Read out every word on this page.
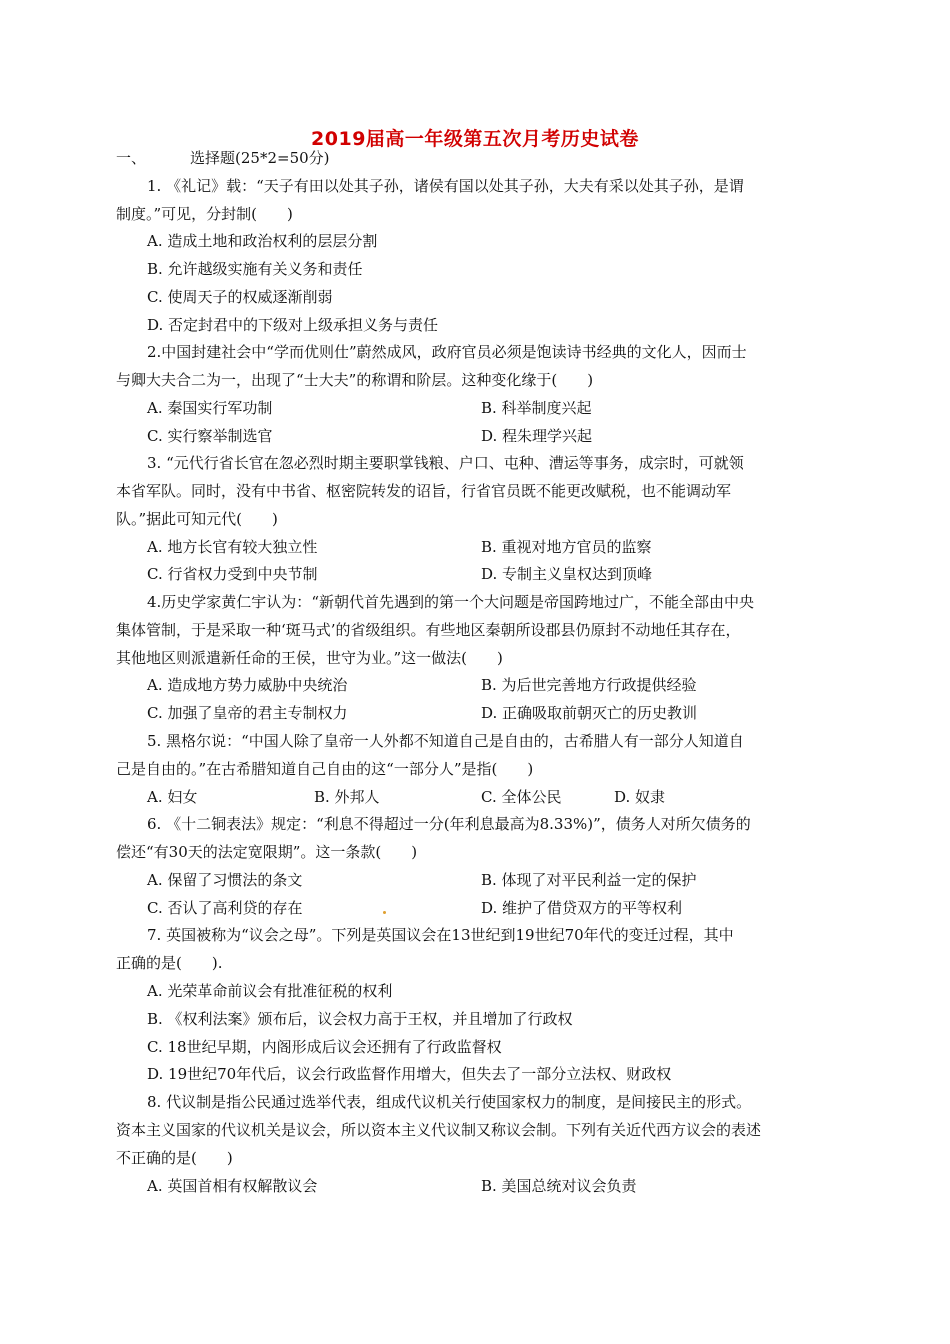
2019届高一年级第五次月考历史试卷
一、	选择题(25*2=50分)
1. 《礼记》载：“天子有田以处其子孙，诸侯有国以处其子孙，大夫有采以处其子孙，是谓
制度。”可见，分封制(　　)
A. 造成土地和政治权利的层层分割
B. 允许越级实施有关义务和责任
C. 使周天子的权威逐渐削弱
D. 否定封君中的下级对上级承担义务与责任
2.中国封建社会中“学而优则仕”蔚然成风，政府官员必须是饱读诗书经典的文化人，因而士
与卿大夫合二为一，出现了“士大夫”的称谓和阶层。这种变化缘于(　　)
A. 秦国实行军功制	B. 科举制度兴起
C. 实行察举制选官	D. 程朱理学兴起
3. “元代行省长官在忽必烈时期主要职掌钱粮、户口、屯种、漕运等事务，成宗时，可就领
本省军队。同时，没有中书省、枢密院转发的诏旨，行省官员既不能更改赋税，也不能调动军
队。”据此可知元代(　　)
A. 地方长官有较大独立性	B. 重视对地方官员的监察
C. 行省权力受到中央节制	D. 专制主义皇权达到顶峰
4.历史学家黄仁宇认为：“新朝代首先遇到的第一个大问题是帝国跨地过广，不能全部由中央
集体管制，于是采取一种‘斑马式’的省级组织。有些地区秦朝所设郡县仍原封不动地任其存在，
其他地区则派遣新任命的王侯，世守为业。”这一做法(　　)
A. 造成地方势力威胁中央统治	B. 为后世完善地方行政提供经验
C. 加强了皇帝的君主专制权力	D. 正确吸取前朝灭亡的历史教训
5. 黑格尔说：“中国人除了皇帝一人外都不知道自己是自由的，古希腊人有一部分人知道自
己是自由的。”在古希腊知道自己自由的这“一部分人”是指(　　)
A. 妇女	B. 外邦人	C. 全体公民	D. 奴隶
6. 《十二铜表法》规定：“利息不得超过一分(年利息最高为8.33%)”，债务人对所欠债务的
偿还“有30天的法定宽限期”。这一条款(　　)
A. 保留了习惯法的条文	B. 体现了对平民利益一定的保护
C. 否认了高利贷的存在	D. 维护了借贷双方的平等权利
7. 英国被称为“议会之母”。下列是英国议会在13世纪到19世纪70年代的变迁过程，其中
正确的是(　　).
A. 光荣革命前议会有批准征税的权利
B. 《权利法案》颁布后，议会权力高于王权，并且增加了行政权
C. 18世纪早期，内阁形成后议会还拥有了行政监督权
D. 19世纪70年代后，议会行政监督作用增大，但失去了一部分立法权、财政权
8. 代议制是指公民通过选举代表，组成代议机关行使国家权力的制度，是间接民主的形式。
资本主义国家的代议机关是议会，所以资本主义代议制又称议会制。下列有关近代西方议会的表述
不正确的是(　　)
A. 英国首相有权解散议会	B. 美国总统对议会负责
